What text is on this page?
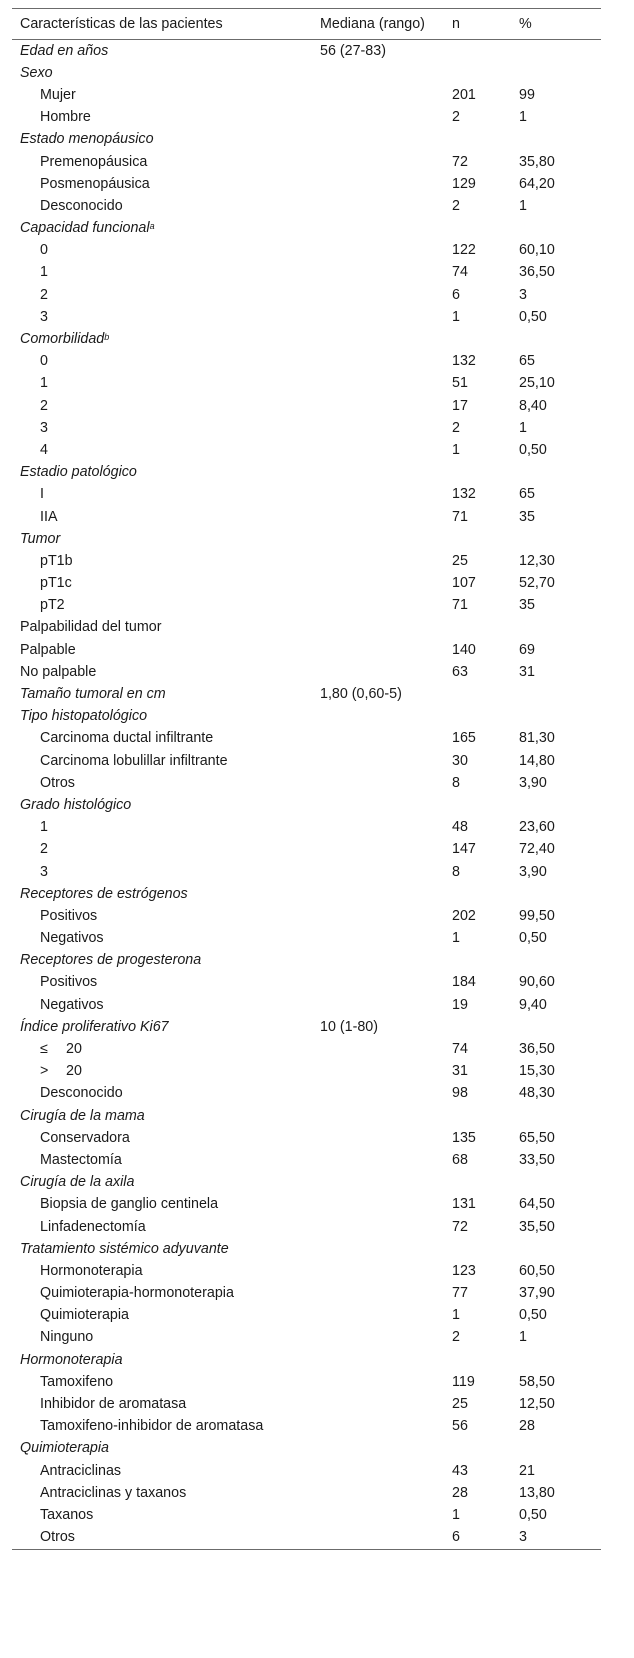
Características de las pacientes	Mediana (rango)	n	%
Edad en años	56 (27-83)		
Sexo			
Mujer		201	99
Hombre		2	1
Estado menopáusico			
Premenopáusica		72	35,80
Posmenopáusica		129	64,20
Desconocido		2	1
Capacidad funcional$^a$			
0		122	60,10
1		74	36,50
2		6	3
3		1	0,50
Comorbilidad$^b$			
0		132	65
1		51	25,10
2		17	8,40
3		2	1
4		1	0,50
Estadio patológico			
I		132	65
IIA		71	35
Tumor			
pT1b		25	12,30
pT1c		107	52,70
pT2		71	35
Palpabilidad del tumor			
Palpable		140	69
No palpable		63	31
Tamaño tumoral en cm	1,80 (0,60-5)		
Tipo histopatológico			
Carcinoma ductal infiltrante		165	81,30
Carcinoma lobulillar infiltrante		30	14,80
Otros		8	3,90
Grado histológico			
1		48	23,60
2		147	72,40
3		8	3,90
Receptores de estrógenos			
Positivos		202	99,50
Negativos		1	0,50
Receptores de progesterona			
Positivos		184	90,60
Negativos		19	9,40
Índice proliferativo Ki67	10 (1-80)		
≤ 20		74	36,50
> 20		31	15,30
Desconocido		98	48,30
Cirugía de la mama			
Conservadora		135	65,50
Mastectomía		68	33,50
Cirugía de la axila			
Biopsia de ganglio centinela		131	64,50
Linfadenectomía		72	35,50
Tratamiento sistémico adyuvante			
Hormonoterapia		123	60,50
Quimioterapia-hormonoterapia		77	37,90
Quimioterapia		1	0,50
Ninguno		2	1
Hormonoterapia			
Tamoxifeno		119	58,50
Inhibidor de aromatasa		25	12,50
Tamoxifeno-inhibidor de aromatasa		56	28
Quimioterapia			
Antraciclinas		43	21
Antraciclinas y taxanos		28	13,80
Taxanos		1	0,50
Otros		6	3
